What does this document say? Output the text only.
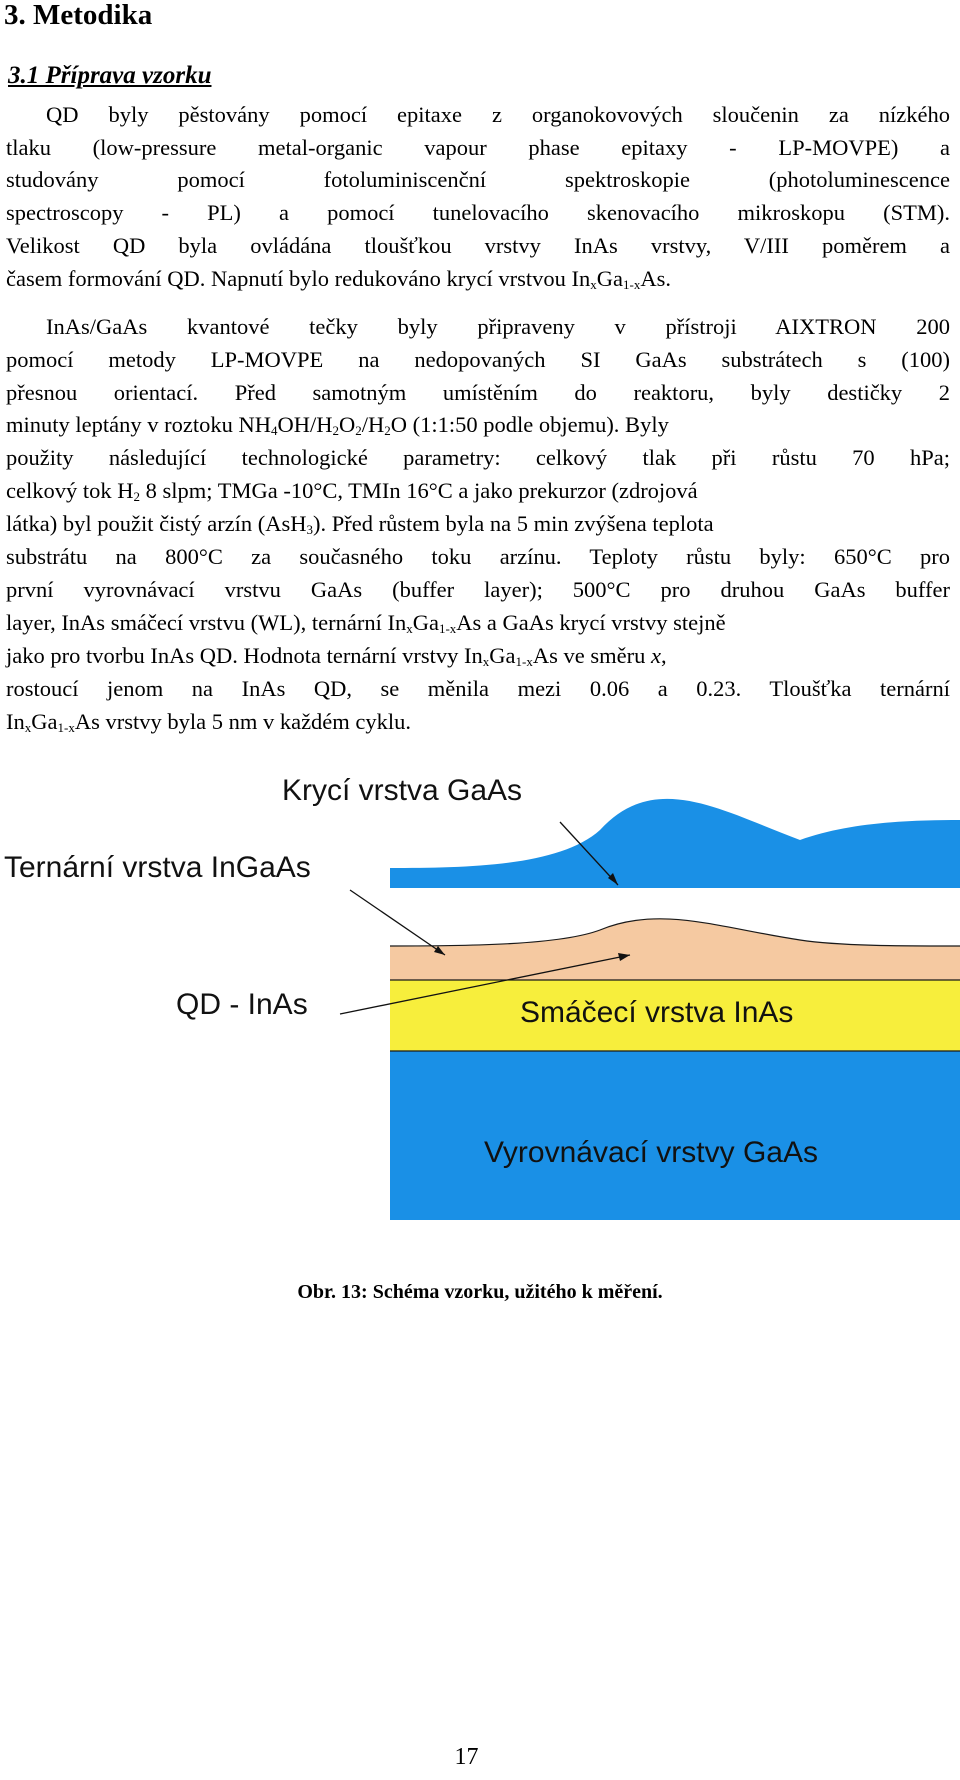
3. Metodika
3.1 Příprava vzorku

QD byly pěstovány pomocí epitaxe z organokovových sloučenin za nízkého

tlaku (low-pressure metal-organic vapour phase epitaxy - LP-MOVPE) a

studovány pomocí fotoluminiscenční spektroskopie (photoluminescence

spectroscopy - PL) a pomocí tunelovacího skenovacího mikroskopu (STM).

Velikost QD byla ovládána tloušťkou vrstvy InAs vrstvy, V/III poměrem a

časem formování QD. Napnutí bylo redukováno krycí vrstvou $In_xGa_{1-x}As$.

InAs/GaAs kvantové tečky byly připraveny v přístroji AIXTRON 200

pomocí metody LP-MOVPE na nedopovaných SI GaAs substrátech s (100)

přesnou orientací. Před samotným umístěním do reaktoru, byly destičky 2

minuty leptány v roztoku $NH_4OH/H_2O_2/H_2O$ (1:1:50 podle objemu). Byly

použity následující technologické parametry: celkový tlak při růstu 70 hPa;

celkový tok $H_2$ 8 slpm; TMGa -10°C, TMIn 16°C a jako prekurzor (zdrojová

látka) byl použit čistý arzín (AsH$_3$). Před růstem byla na 5 min zvýšena teplota

substrátu na 800°C za současného toku arzínu. Teploty růstu byly: 650°C pro

první vyrovnávací vrstvu GaAs (buffer layer); 500°C pro druhou GaAs buffer

layer, InAs smáčecí vrstvu (WL), ternární $In_xGa_{1-x}As$ a GaAs krycí vrstvy stejně

jako pro tvorbu InAs QD. Hodnota ternární vrstvy $In_xGa_{1-x}As$ ve směru x,

rostoucí jenom na InAs QD, se měnila mezi 0.06 a 0.23. Tloušťka ternární

$In_xGa_{1-x}As$ vrstvy byla 5 nm v každém cyklu.

Krycí vrstva GaAs
Ternární vrstva InGaAs
QD - InAs	Smáčecí vrstva InAs
Vyrovnávací vrstvy GaAs

Obr. 13: Schéma vzorku, užitého k měření.

17
